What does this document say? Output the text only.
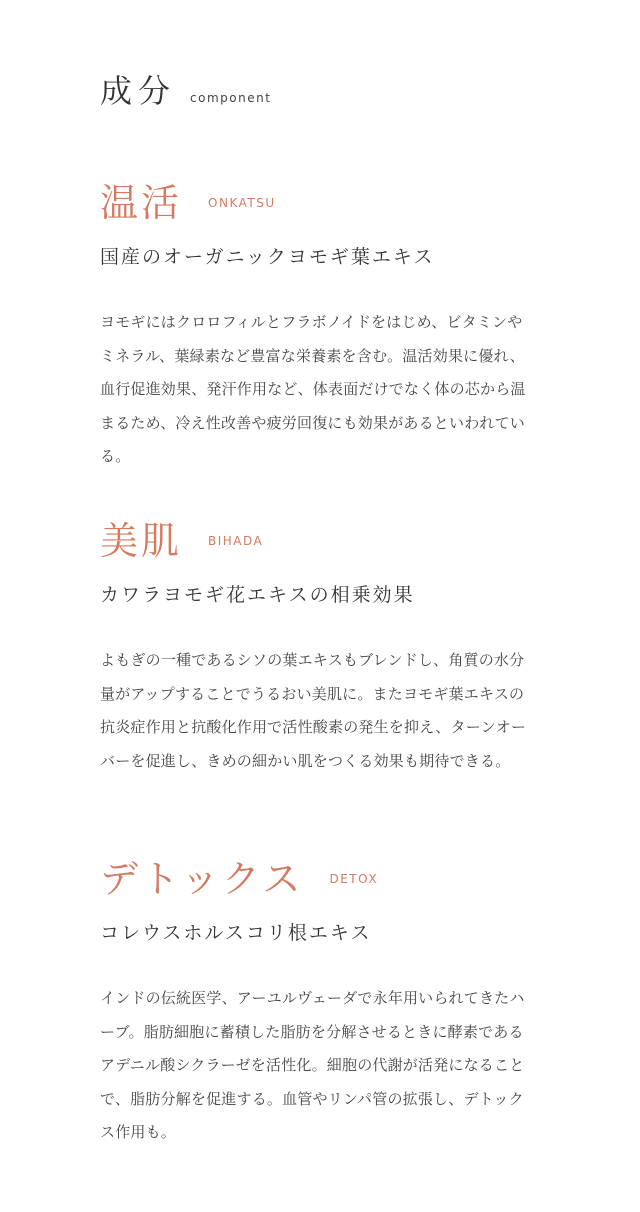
成分 component
温活 ONKATSU
国産のオーガニックヨモギ葉エキス

ヨモギにはクロロフィルとフラボノイドをはじめ、ビタミンやミネラル、葉緑素など豊富な栄養素を含む。温活効果に優れ、血行促進効果、発汗作用など、体表面だけでなく体の芯から温まるため、冷え性改善や疲労回復にも効果があるといわれている。

美肌 BIHADA
カワラヨモギ花エキスの相乗効果

よもぎの一種であるシソの葉エキスもブレンドし、角質の水分量がアップすることでうるおい美肌に。またヨモギ葉エキスの抗炎症作用と抗酸化作用で活性酸素の発生を抑え、ターンオーバーを促進し、きめの細かい肌をつくる効果も期待できる。

デトックス DETOX
コレウスホルスコリ根エキス

インドの伝統医学、アーユルヴェーダで永年用いられてきたハーブ。脂肪細胞に蓄積した脂肪を分解させるときに酵素であるアデニル酸シクラーゼを活性化。細胞の代謝が活発になることで、脂肪分解を促進する。血管やリンパ管の拡張し、デトックス作用も。
